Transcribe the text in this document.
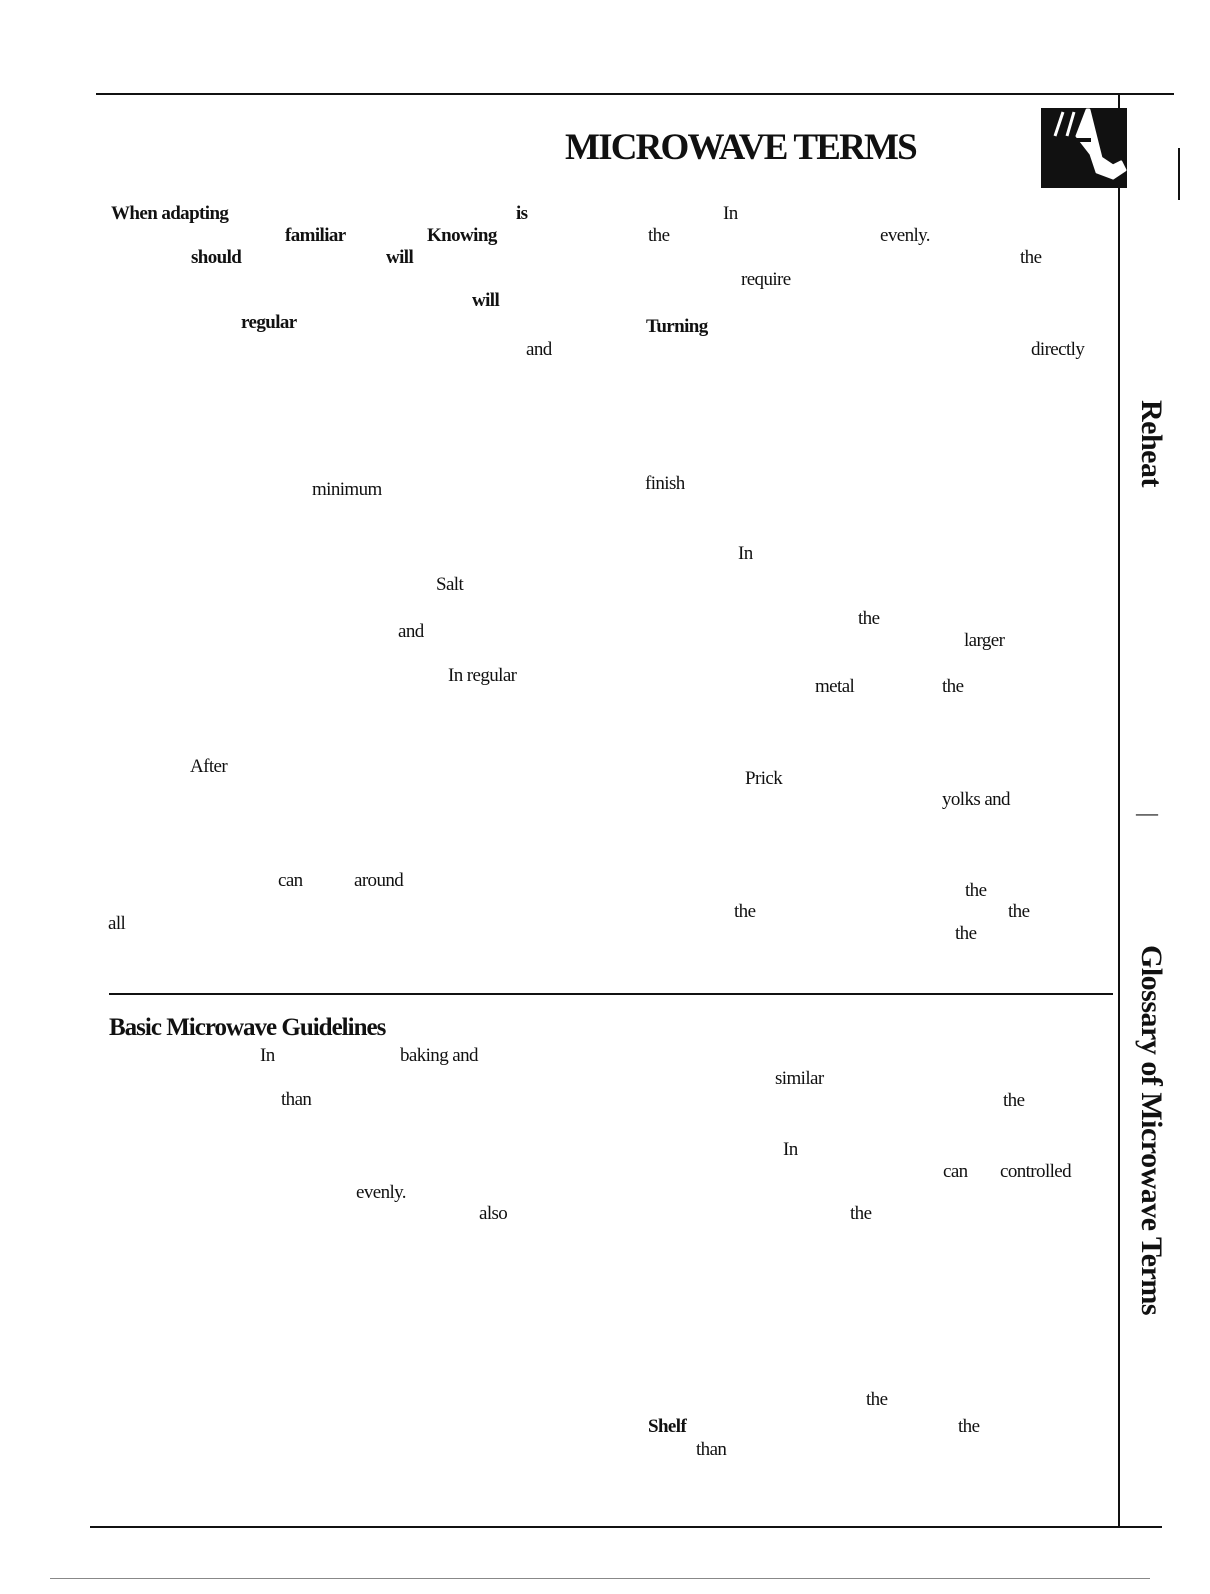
MICROWAVE TERMS
Reheat
—
Glossary of Microwave Terms
When adapting	is
familiar	Knowing
should	will
will
regular
and
minimum
Salt
and
In regular
After
can	around
all
In
the	evenly.
the
require
Turning
directly
finish
In
the
larger
metal	the
Prick
yolks and
the
the	the
the
Basic Microwave Guidelines
In	baking and
than
evenly.
also
similar
the
In
can controlled
the
the
Shelf	the
than
